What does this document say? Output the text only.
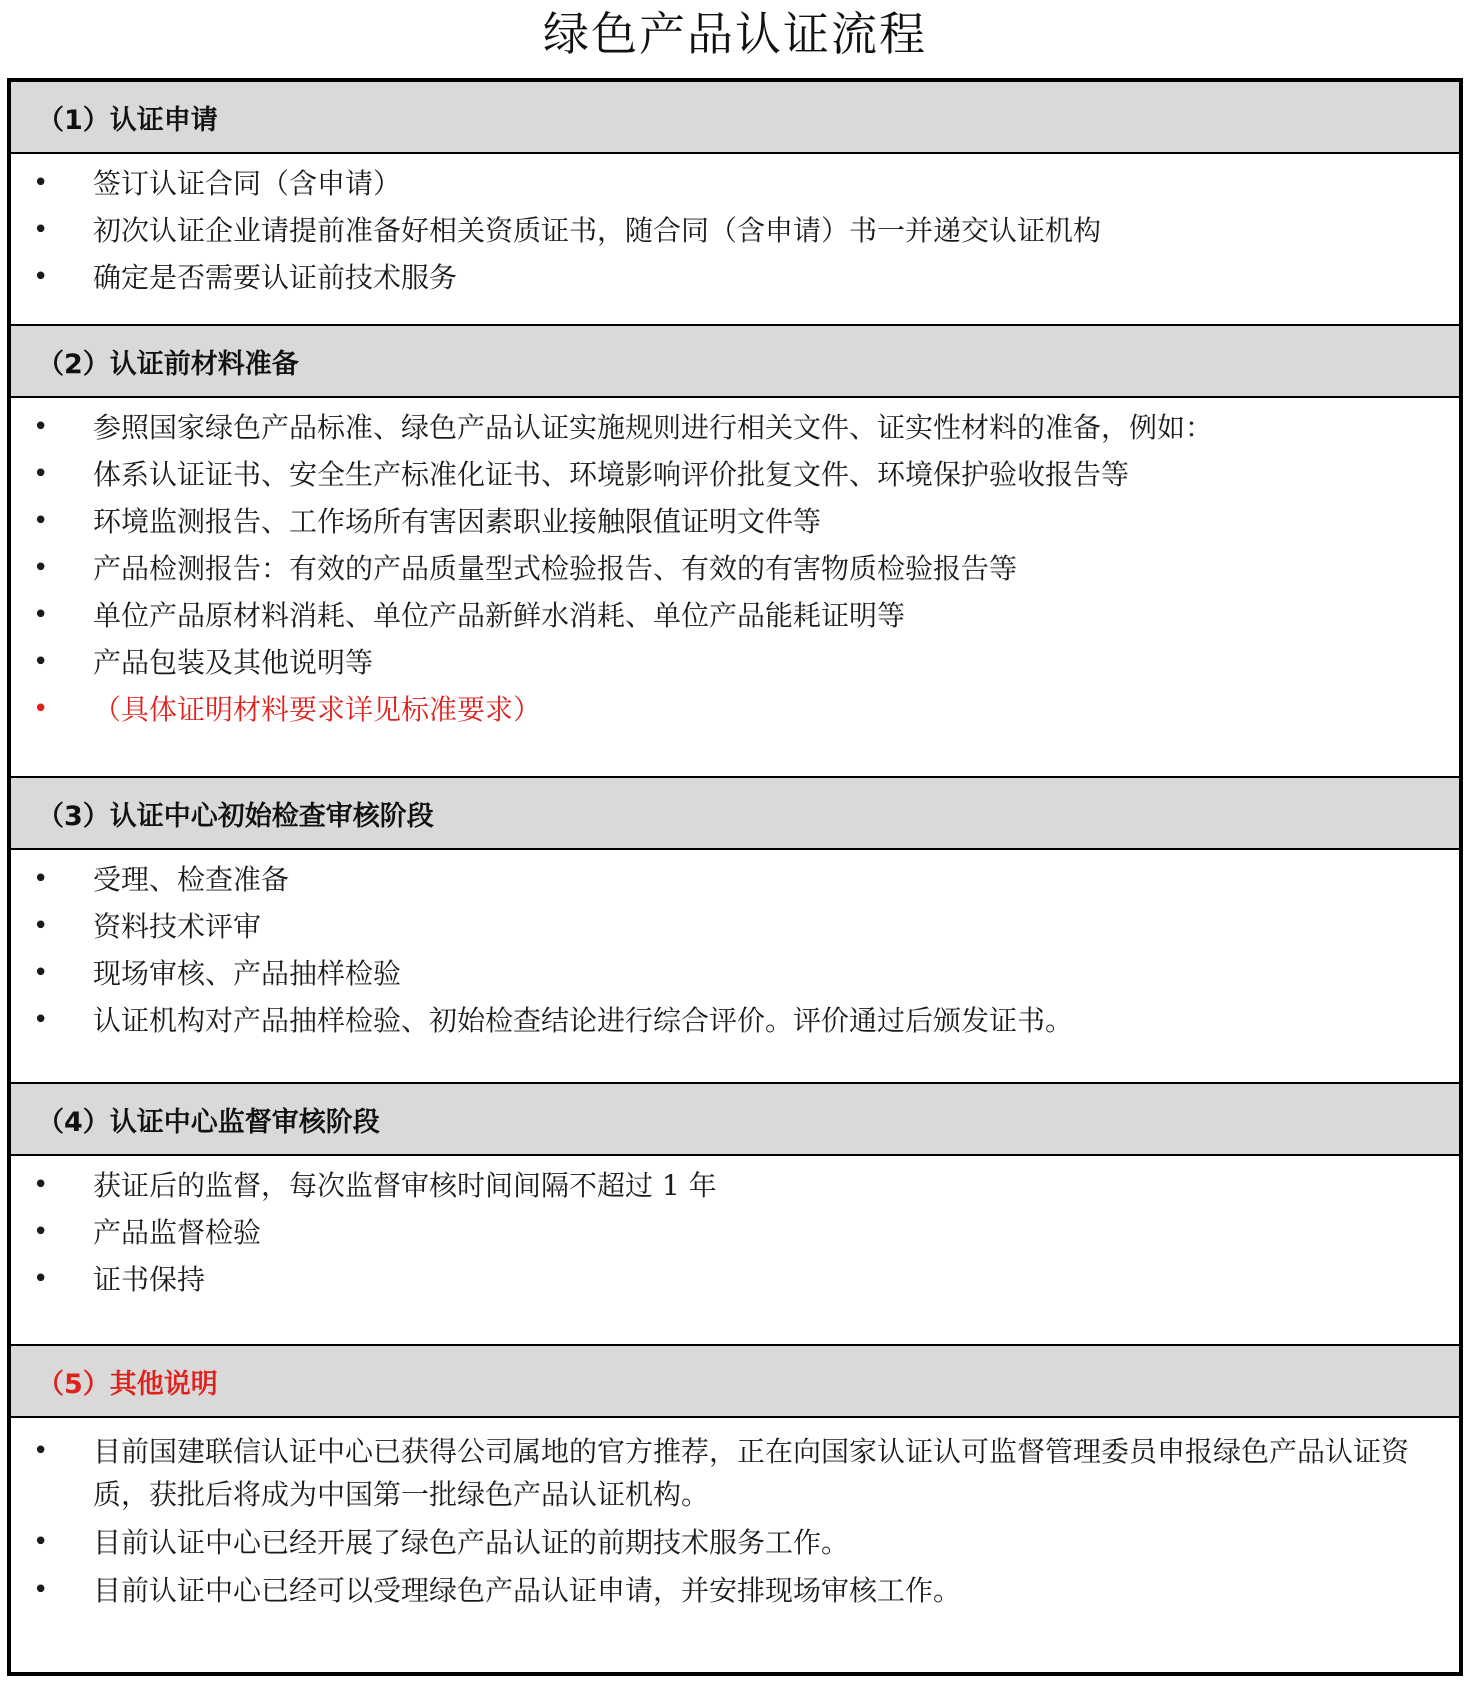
绿色产品认证流程
（1）认证申请
• 签订认证合同（含申请）
• 初次认证企业请提前准备好相关资质证书，随合同（含申请）书一并递交认证机构
• 确定是否需要认证前技术服务
（2）认证前材料准备
• 参照国家绿色产品标准、绿色产品认证实施规则进行相关文件、证实性材料的准备，例如：
• 体系认证证书、安全生产标准化证书、环境影响评价批复文件、环境保护验收报告等
• 环境监测报告、工作场所有害因素职业接触限值证明文件等
• 产品检测报告：有效的产品质量型式检验报告、有效的有害物质检验报告等
• 单位产品原材料消耗、单位产品新鲜水消耗、单位产品能耗证明等
• 产品包装及其他说明等
• （具体证明材料要求详见标准要求）
（3）认证中心初始检查审核阶段
• 受理、检查准备
• 资料技术评审
• 现场审核、产品抽样检验
• 认证机构对产品抽样检验、初始检查结论进行综合评价。评价通过后颁发证书。
（4）认证中心监督审核阶段
• 获证后的监督，每次监督审核时间间隔不超过 1 年
• 产品监督检验
• 证书保持
（5）其他说明
• 目前国建联信认证中心已获得公司属地的官方推荐，正在向国家认证认可监督管理委员申报绿色产品认证资质，获批后将成为中国第一批绿色产品认证机构。
• 目前认证中心已经开展了绿色产品认证的前期技术服务工作。
• 目前认证中心已经可以受理绿色产品认证申请，并安排现场审核工作。
